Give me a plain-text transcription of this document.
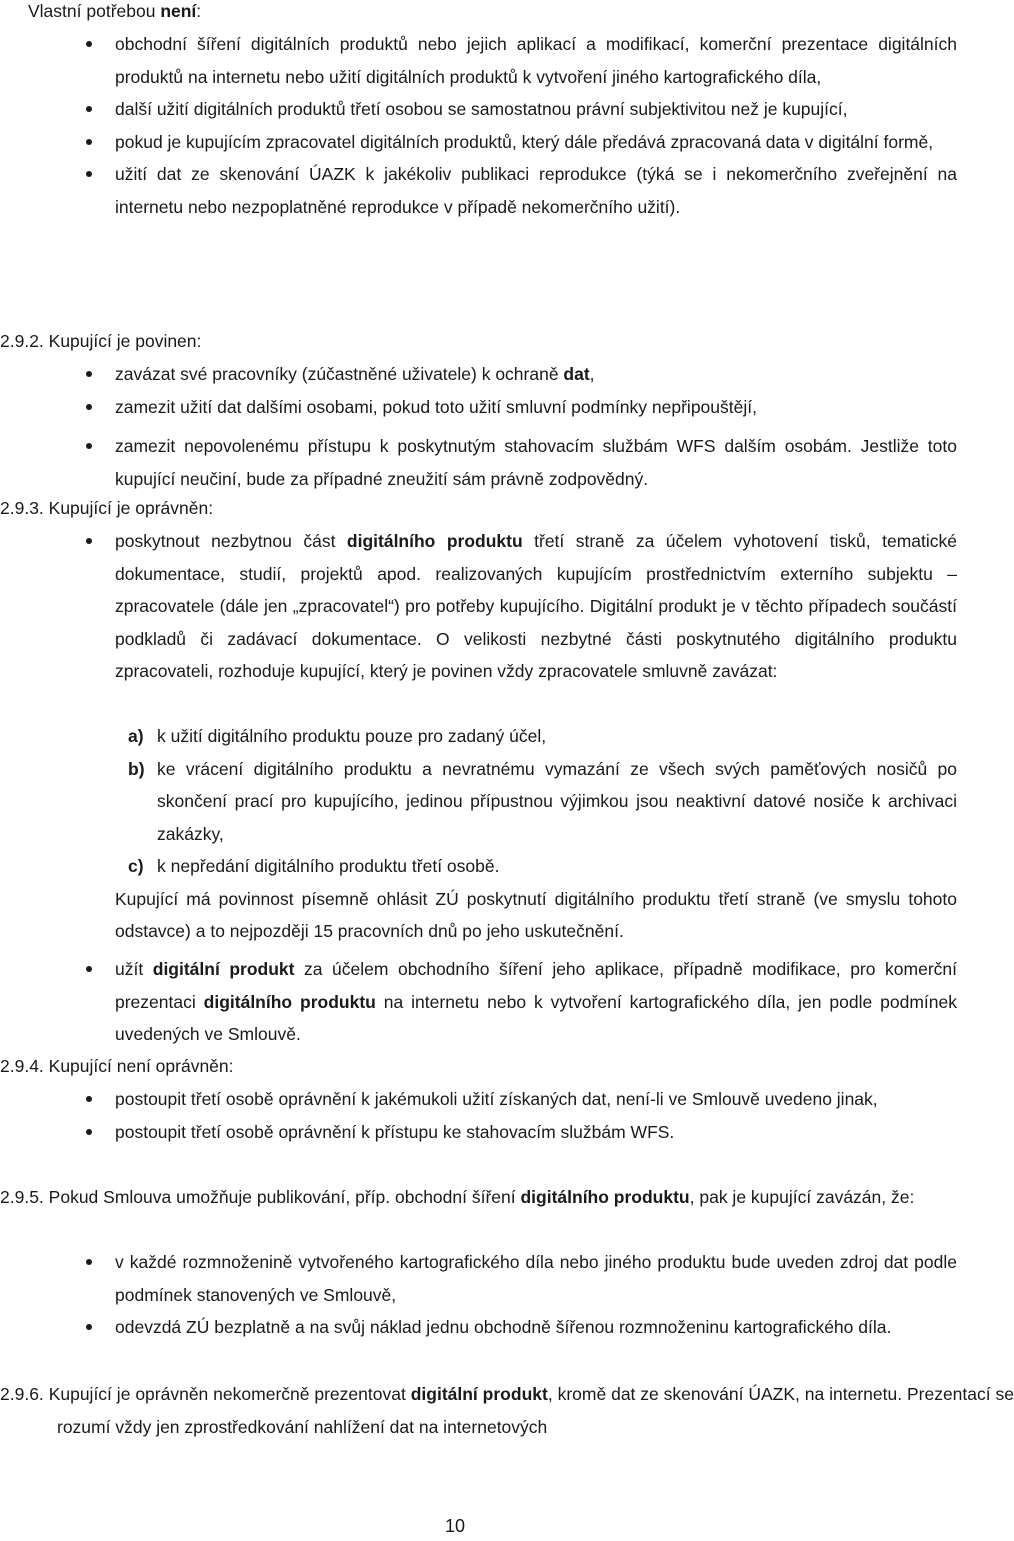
Vlastní potřebou není:
obchodní šíření digitálních produktů nebo jejich aplikací a modifikací, komerční prezentace digitálních produktů na internetu nebo užití digitálních produktů k vytvoření jiného kartografického díla,
další užití digitálních produktů třetí osobou se samostatnou právní subjektivitou než je kupující,
pokud je kupujícím zpracovatel digitálních produktů, který dále předává zpracovaná data v digitální formě,
užití dat ze skenování ÚAZK k jakékoliv publikaci reprodukce (týká se i nekomerčního zveřejnění na internetu nebo nezpoplatněné reprodukce v případě nekomerčního užití).
2.9.2. Kupující je povinen:
zavázat své pracovníky (zúčastněné uživatele) k ochraně dat,
zamezit užití dat dalšími osobami, pokud toto užití smluvní podmínky nepřipouštějí,
zamezit nepovolenému přístupu k poskytnutým stahovacím službám WFS dalším osobám. Jestliže toto kupující neučiní, bude za případné zneužití sám právně zodpovědný.
2.9.3. Kupující je oprávněn:
poskytnout nezbytnou část digitálního produktu třetí straně za účelem vyhotovení tisků, tematické dokumentace, studií, projektů apod. realizovaných kupujícím prostřednictvím externího subjektu – zpracovatele (dále jen „zpracovatel“) pro potřeby kupujícího. Digitální produkt je v těchto případech součástí podkladů či zadávací dokumentace. O velikosti nezbytné části poskytnutého digitálního produktu zpracovateli, rozhoduje kupující, který je povinen vždy zpracovatele smluvně zavázat:
a) k užití digitálního produktu pouze pro zadaný účel,
b) ke vrácení digitálního produktu a nevratnému vymazání ze všech svých paměťových nosičů po skončení prací pro kupujícího, jedinou přípustnou výjimkou jsou neaktivní datové nosiče k archivaci zakázky,
c) k nepředání digitálního produktu třetí osobě.
Kupující má povinnost písemně ohlásit ZÚ poskytnutí digitálního produktu třetí straně (ve smyslu tohoto odstavce) a to nejpozději 15 pracovních dnů po jeho uskutečnění.
užít digitální produkt za účelem obchodního šíření jeho aplikace, případně modifikace, pro komerční prezentaci digitálního produktu na internetu nebo k vytvoření kartografického díla, jen podle podmínek uvedených ve Smlouvě.
2.9.4. Kupující není oprávněn:
postoupit třetí osobě oprávnění k jakémukoli užití získaných dat, není-li ve Smlouvě uvedeno jinak,
postoupit třetí osobě oprávnění k přístupu ke stahovacím službám WFS.
2.9.5. Pokud Smlouva umožňuje publikování, příp. obchodní šíření digitálního produktu, pak je kupující zavázán, že:
v každé rozmnoženině vytvořeného kartografického díla nebo jiného produktu bude uveden zdroj dat podle podmínek stanovených ve Smlouvě,
odevzdá ZÚ bezplatně a na svůj náklad jednu obchodně šířenou rozmnoženinu kartografického díla.
2.9.6. Kupující je oprávněn nekomerčně prezentovat digitální produkt, kromě dat ze skenování ÚAZK, na internetu. Prezentací se rozumí vždy jen zprostředkování nahlížení dat na internetových
10
